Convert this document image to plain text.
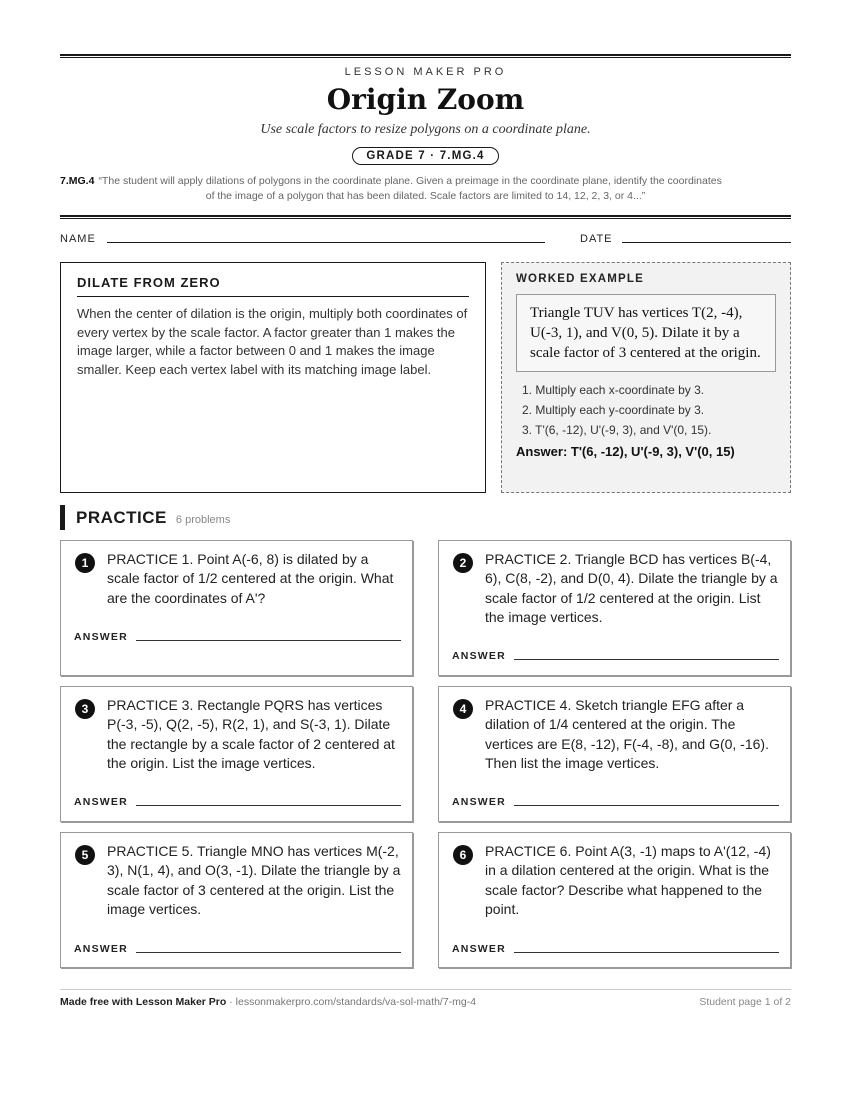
LESSON MAKER PRO
Origin Zoom
Use scale factors to resize polygons on a coordinate plane.
GRADE 7 · 7.MG.4
7.MG.4 “The student will apply dilations of polygons in the coordinate plane. Given a preimage in the coordinate plane, identify the coordinates
of the image of a polygon that has been dilated. Scale factors are limited to 14, 12, 2, 3, or 4...”
NAME	DATE
DILATE FROM ZERO
When the center of dilation is the origin, multiply both coordinates of every vertex by the scale factor. A factor greater than 1 makes the image larger, while a factor between 0 and 1 makes the image smaller. Keep each vertex label with its matching image label.
WORKED EXAMPLE
Triangle TUV has vertices T(2, -4), U(-3, 1), and V(0, 5). Dilate it by a scale factor of 3 centered at the origin.
1. Multiply each x-coordinate by 3.
2. Multiply each y-coordinate by 3.
3. T'(6, -12), U'(-9, 3), and V'(0, 15).
Answer: T'(6, -12), U'(-9, 3), V'(0, 15)
PRACTICE 6 problems
1	PRACTICE 1. Point A(-6, 8) is dilated by a scale factor of 1/2 centered at the origin. What are the coordinates of A'?
ANSWER
2	PRACTICE 2. Triangle BCD has vertices B(-4, 6), C(8, -2), and D(0, 4). Dilate the triangle by a scale factor of 1/2 centered at the origin. List the image vertices.
ANSWER
3	PRACTICE 3. Rectangle PQRS has vertices P(-3, -5), Q(2, -5), R(2, 1), and S(-3, 1). Dilate the rectangle by a scale factor of 2 centered at the origin. List the image vertices.
ANSWER
4	PRACTICE 4. Sketch triangle EFG after a dilation of 1/4 centered at the origin. The vertices are E(8, -12), F(-4, -8), and G(0, -16). Then list the image vertices.
ANSWER
5	PRACTICE 5. Triangle MNO has vertices M(-2, 3), N(1, 4), and O(3, -1). Dilate the triangle by a scale factor of 3 centered at the origin. List the image vertices.
ANSWER
6	PRACTICE 6. Point A(3, -1) maps to A'(12, -4) in a dilation centered at the origin. What is the scale factor? Describe what happened to the point.
ANSWER
Made free with Lesson Maker Pro · lessonmakerpro.com/standards/va-sol-math/7-mg-4	Student page 1 of 2
